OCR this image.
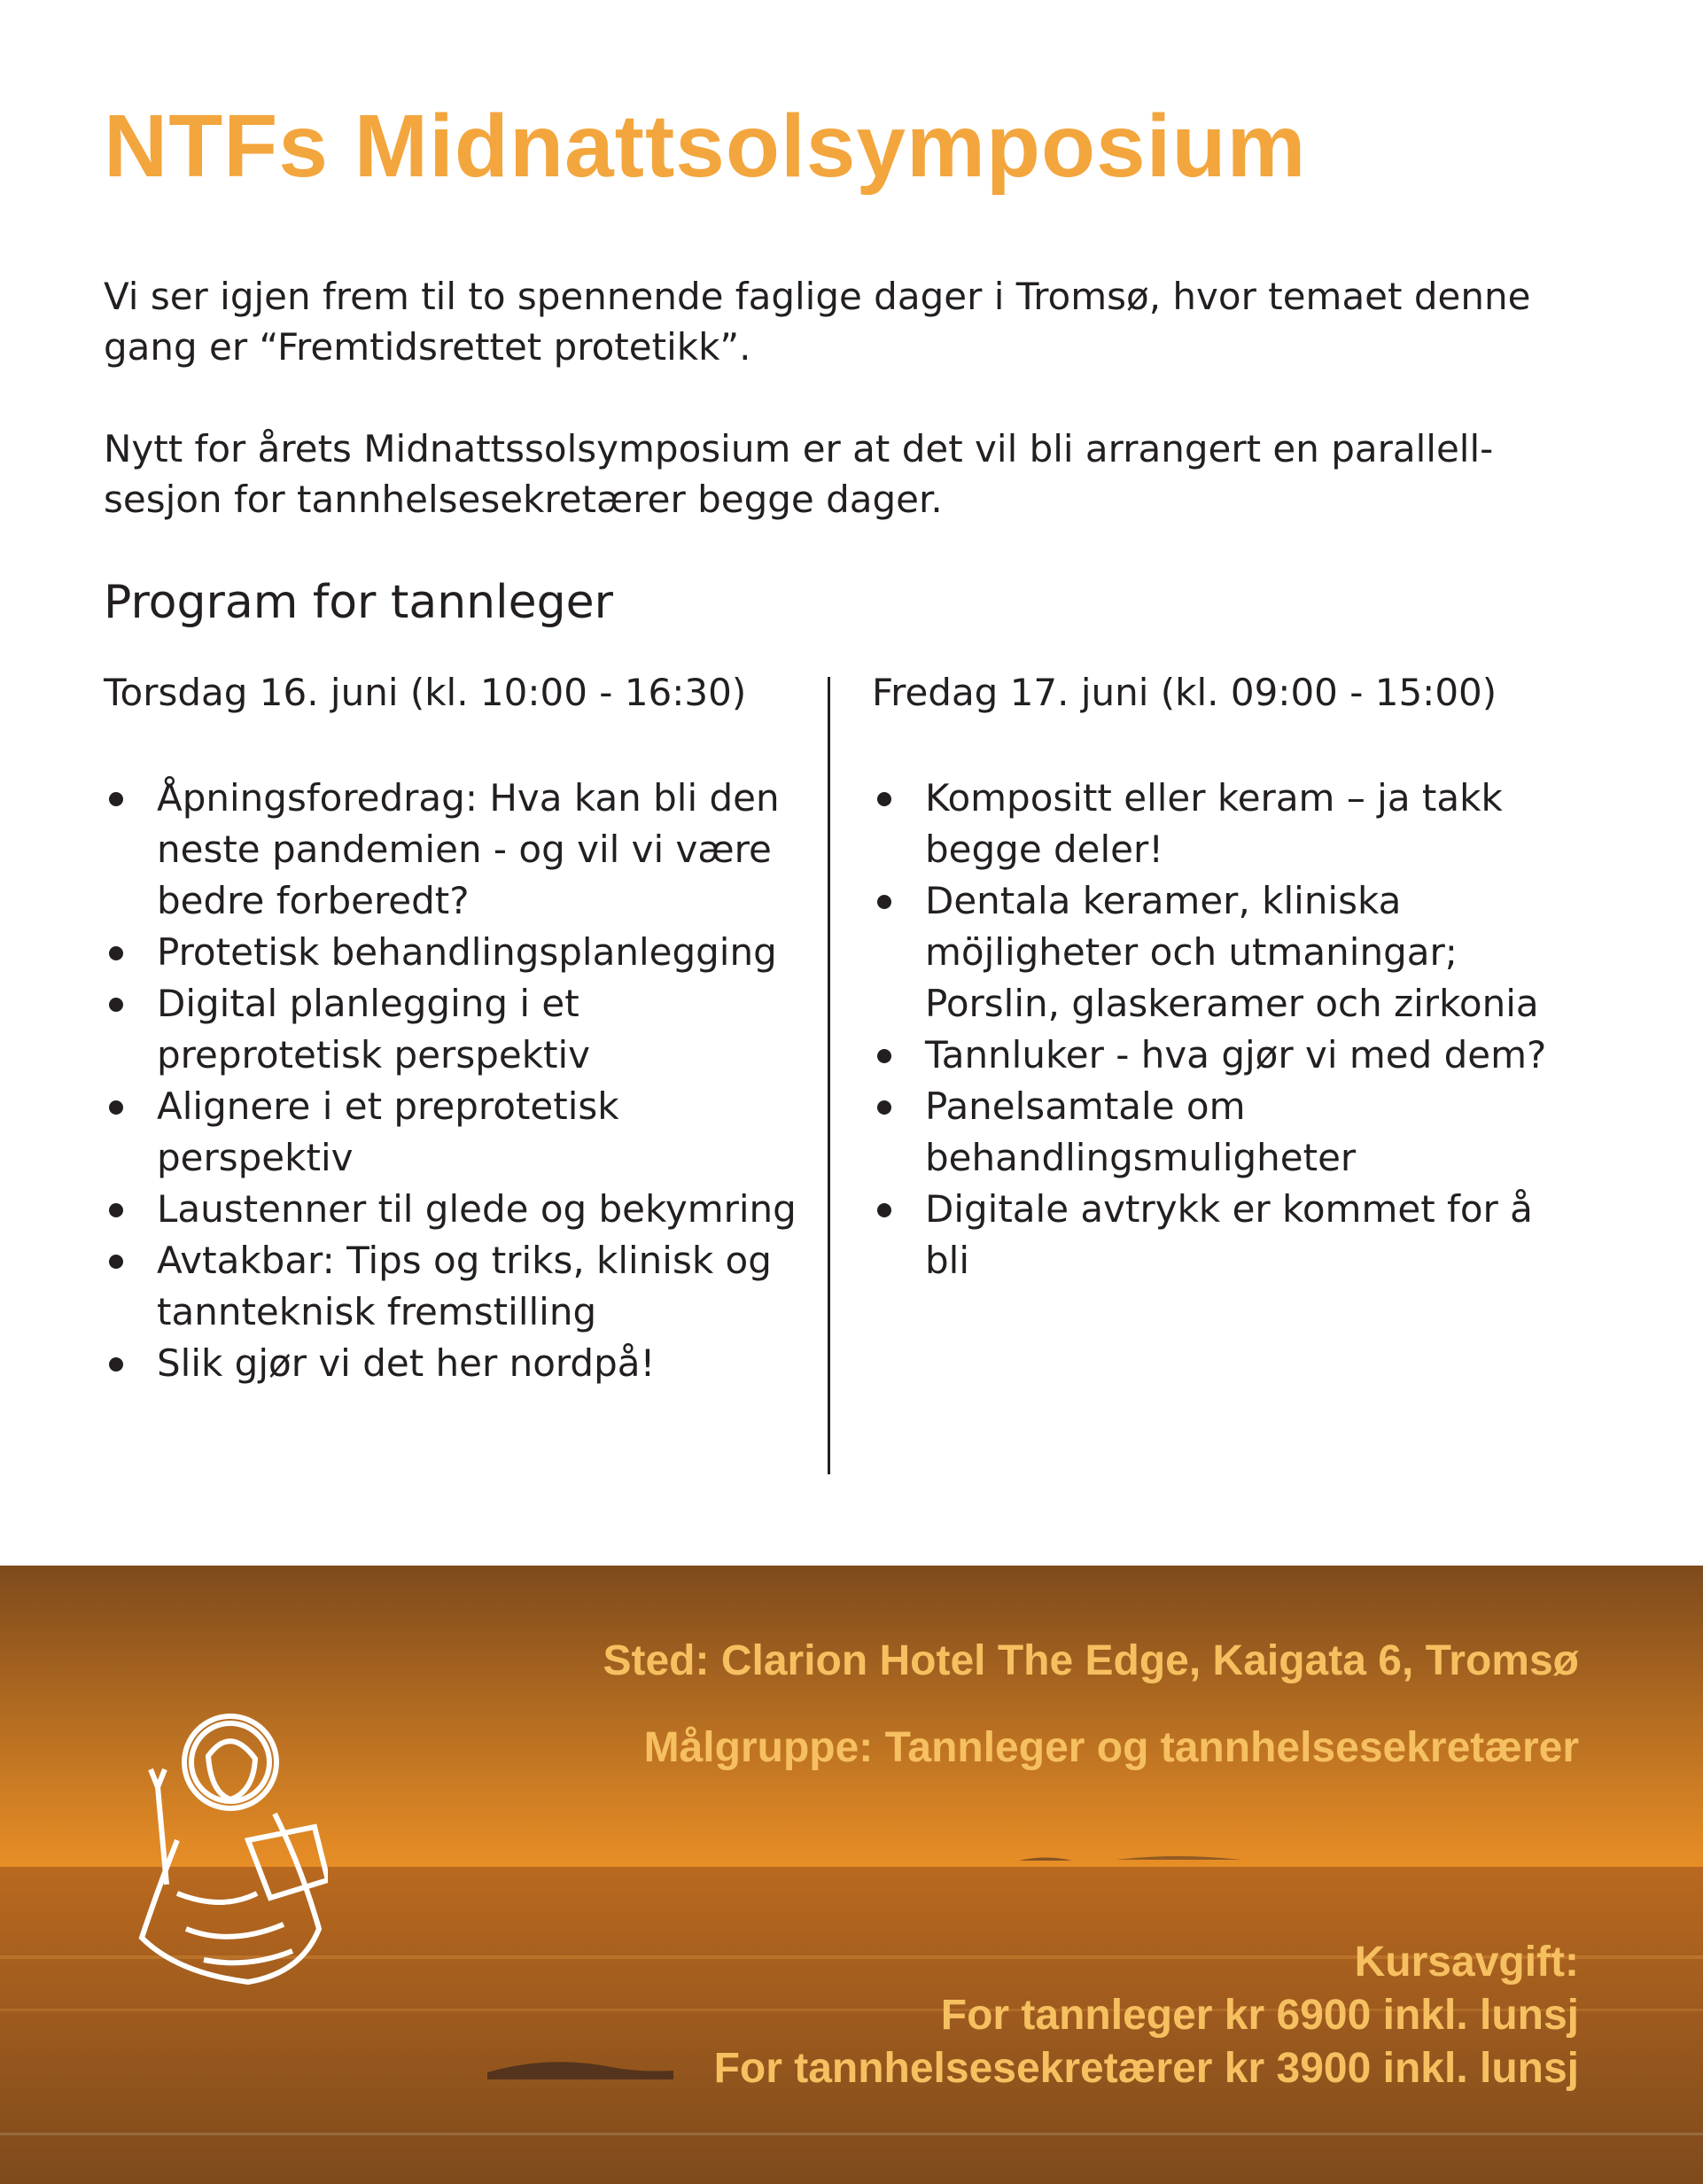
NTFs Midnattsolsymposium

Vi ser igjen frem til to spennende faglige dager i Tromsø, hvor temaet denne gang er “Fremtidsrettet protetikk”.

Nytt for årets Midnattssolsymposium er at det vil bli arrangert en parallell-sesjon for tannhelsesekretærer begge dager.

Program for tannleger
Torsdag 16. juni (kl. 10:00 - 16:30)
Åpningsforedrag: Hva kan bli den neste pandemien - og vil vi være bedre forberedt?
Protetisk behandlingsplanlegging
Digital planlegging i et preprotetisk perspektiv
Alignere i et preprotetisk perspektiv
Laustenner til glede og bekymring
Avtakbar: Tips og triks, klinisk og tannteknisk fremstilling
Slik gjør vi det her nordpå!
Fredag 17. juni (kl. 09:00 - 15:00)
Kompositt eller keram – ja takk begge deler!
Dentala keramer, kliniska möjligheter och utmaningar; Porslin, glaskeramer och zirkonia
Tannluker - hva gjør vi med dem?
Panelsamtale om behandlingsmuligheter
Digitale avtrykk er kommet for å bli

Sted: Clarion Hotel The Edge, Kaigata 6, Tromsø

Målgruppe: Tannleger og tannhelsesekretærer

Kursavgift:

For tannleger kr 6900 inkl. lunsj

For tannhelsesekretærer kr 3900 inkl. lunsj
